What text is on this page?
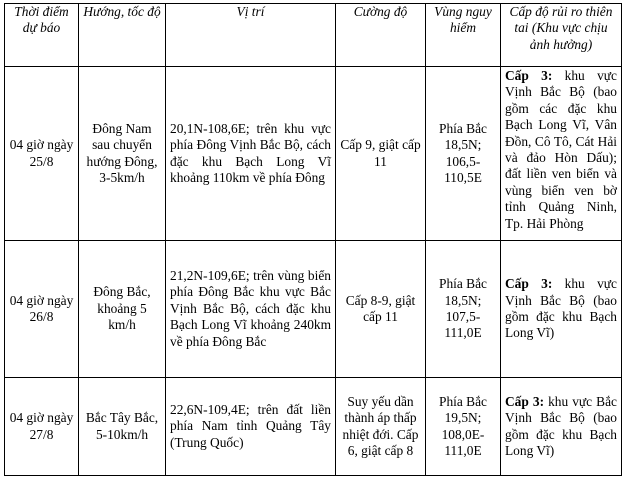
Thời điểm dự báo	Hướng, tốc độ	Vị trí	Cường độ	Vùng nguy hiểm	Cấp độ rủi ro thiên tai (Khu vực chịu ảnh hưởng)
04 giờ ngày 25/8	Đông Nam sau chuyển hướng Đông, 3-5km/h	20,1N-108,6E; trên khu vực phía Đông Vịnh Bắc Bộ, cách đặc khu Bạch Long Vĩ khoảng 110km về phía Đông	Cấp 9, giật cấp 11	Phía Bắc 18,5N; 106,5-110,5E	Cấp 3: khu vực Vịnh Bắc Bộ (bao gồm các đặc khu Bạch Long Vĩ, Vân Đồn, Cô Tô, Cát Hải và đảo Hòn Dấu); đất liền ven biển và vùng biển ven bờ tỉnh Quảng Ninh, Tp. Hải Phòng
04 giờ ngày 26/8	Đông Bắc, khoảng 5 km/h	21,2N-109,6E; trên vùng biển phía Đông Bắc khu vực Bắc Vịnh Bắc Bộ, cách đặc khu Bạch Long Vĩ khoảng 240km về phía Đông Bắc	Cấp 8-9, giật cấp 11	Phía Bắc 18,5N; 107,5-111,0E	Cấp 3: khu vực Vịnh Bắc Bộ (bao gồm đặc khu Bạch Long Vĩ)
04 giờ ngày 27/8	Bắc Tây Bắc, 5-10km/h	22,6N-109,4E; trên đất liền phía Nam tỉnh Quảng Tây (Trung Quốc)	Suy yếu dần thành áp thấp nhiệt đới. Cấp 6, giật cấp 8	Phía Bắc 19,5N; 108,0E-111,0E	Cấp 3: khu vực Bắc Vịnh Bắc Bộ (bao gồm đặc khu Bạch Long Vĩ)
